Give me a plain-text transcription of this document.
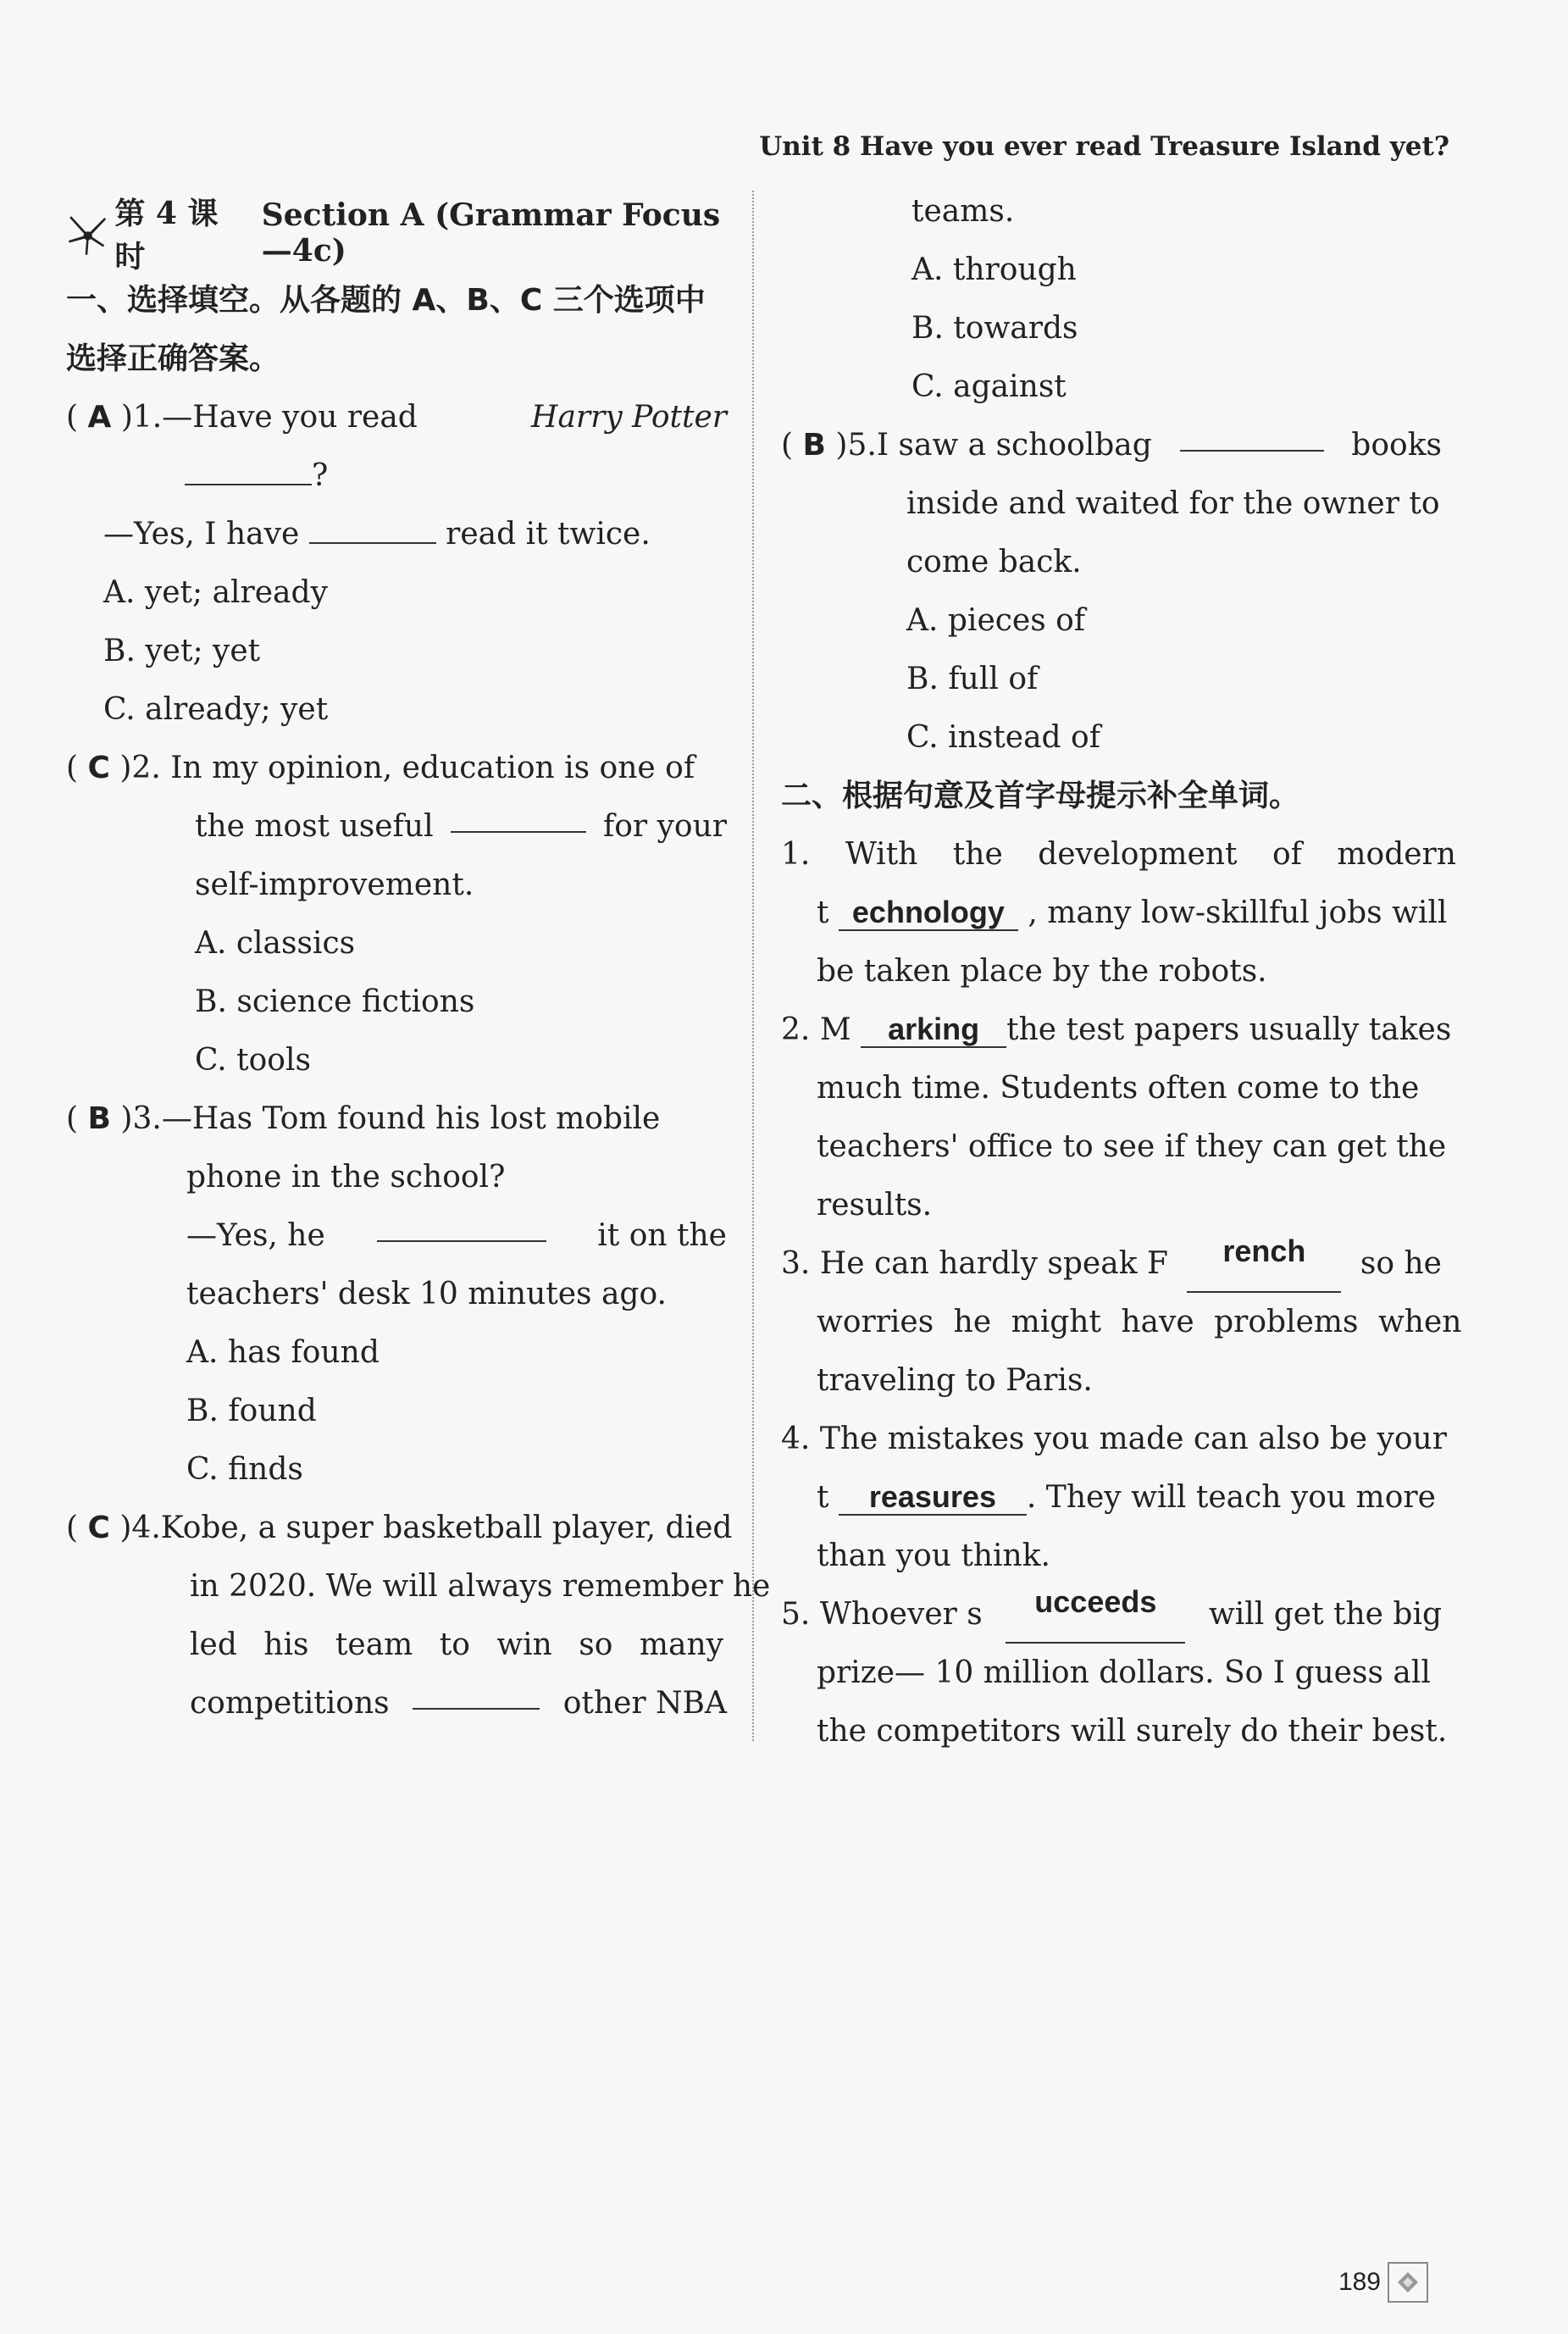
Unit 8 Have you ever read Treasure Island yet?
第 4 课时
Section A (Grammar Focus—4c)
一、选择填空。从各题的 A、B、C 三个选项中
选择正确答案。
( A )1.—Have you read	Harry Potter
?
—Yes, I have	read it twice.
A. yet; already
B. yet; yet
C. already; yet
( C )2. In my opinion, education is one of
the most useful	for your
self-improvement.
A. classics
B. science fictions
C. tools
( B )3.—Has Tom found his lost mobile
phone in the school?
—Yes, he	it on the
teachers' desk 10 minutes ago.
A. has found
B. found
C. finds
( C )4.Kobe, a super basketball player, died
in 2020. We will always remember he
led his team to win so many
competitions	other NBA
teams.
A. through
B. towards
C. against
( B )5.I saw a schoolbag	books
inside and waited for the owner to
come back.
A. pieces of
B. full of
C. instead of
二、根据句意及首字母提示补全单词。
1. With the development of modern
t echnology , many low-skillful jobs will
be taken place by the robots.
2. M arking the test papers usually takes
much time. Students often come to the
teachers' office to see if they can get the
results.
3. He can hardly speak F	rench	so he
worries he might have problems when
traveling to Paris.
4. The mistakes you made can also be your
t reasures . They will teach you more
than you think.
5. Whoever s	ucceeds	will get the big
prize— 10 million dollars. So I guess all
the competitors will surely do their best.
189
